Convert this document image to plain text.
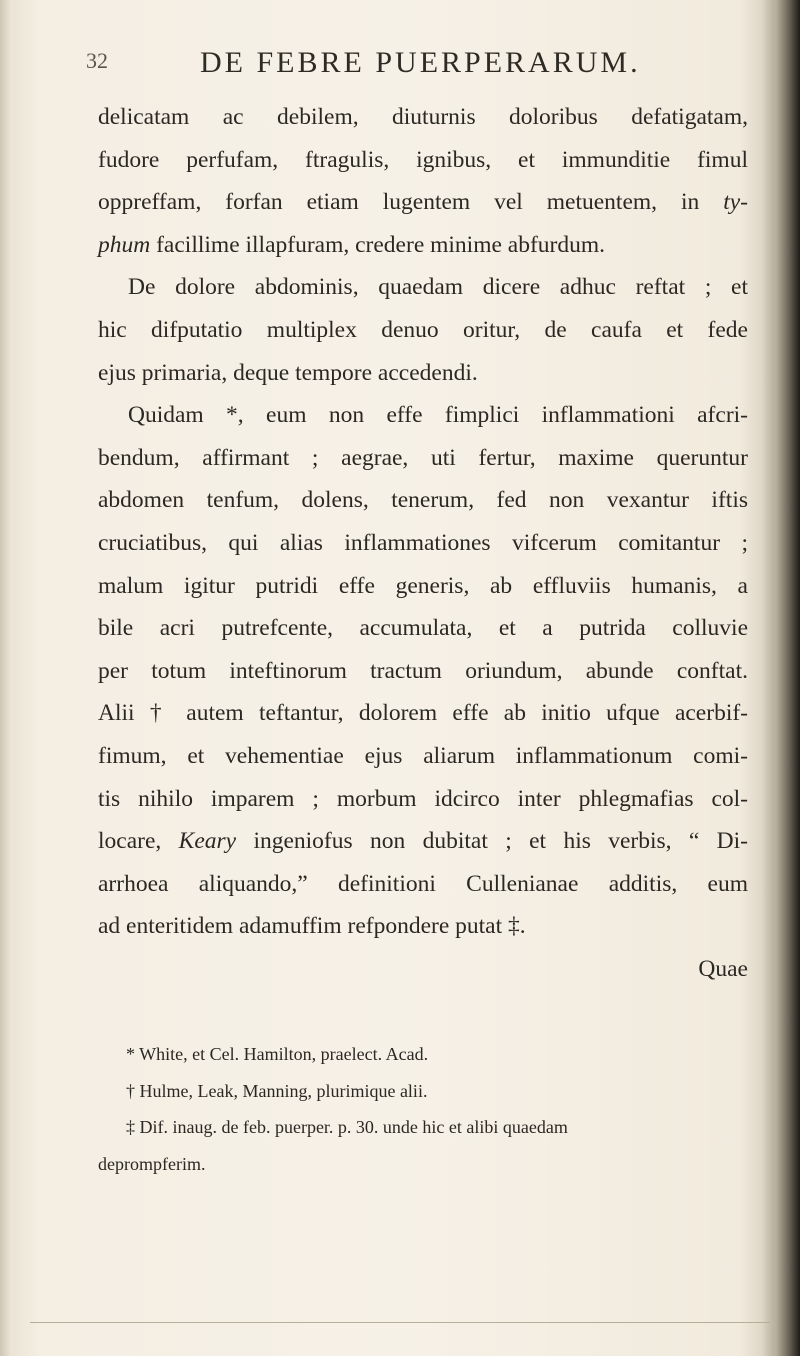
32	DE FEBRE PUERPERARUM.
delicatam ac debilem, diuturnis doloribus defatigatam,
fudore perfufam, ftragulis, ignibus, et immunditie fimul
oppreffam, forfan etiam lugentem vel metuentem, in ty-
phum facillime illapfuram, credere minime abfurdum.
De dolore abdominis, quaedam dicere adhuc reftat ; et
hic difputatio multiplex denuo oritur, de caufa et fede
ejus primaria, deque tempore accedendi.
Quidam *, eum non effe fimplici inflammationi afcri-
bendum, affirmant ; aegrae, uti fertur, maxime queruntur
abdomen tenfum, dolens, tenerum, fed non vexantur iftis
cruciatibus, qui alias inflammationes vifcerum comitantur ;
malum igitur putridi effe generis, ab effluviis humanis, a
bile acri putrefcente, accumulata, et a putrida colluvie
per totum inteftinorum tractum oriundum, abunde conftat.
Alii † autem teftantur, dolorem effe ab initio ufque acerbif-
fimum, et vehementiae ejus aliarum inflammationum comi-
tis nihilo imparem ; morbum idcirco inter phlegmafias col-
locare, Keary ingeniofus non dubitat ; et his verbis, “ Di-
arrhoea aliquando,” definitioni Cullenianae additis, eum
ad enteritidem adamuffim refpondere putat ‡.
Quae
* White, et Cel. Hamilton, praelect. Acad.
† Hulme, Leak, Manning, plurimique alii.
‡ Dif. inaug. de feb. puerper. p. 30. unde hic et alibi quaedam
deprompferim.
